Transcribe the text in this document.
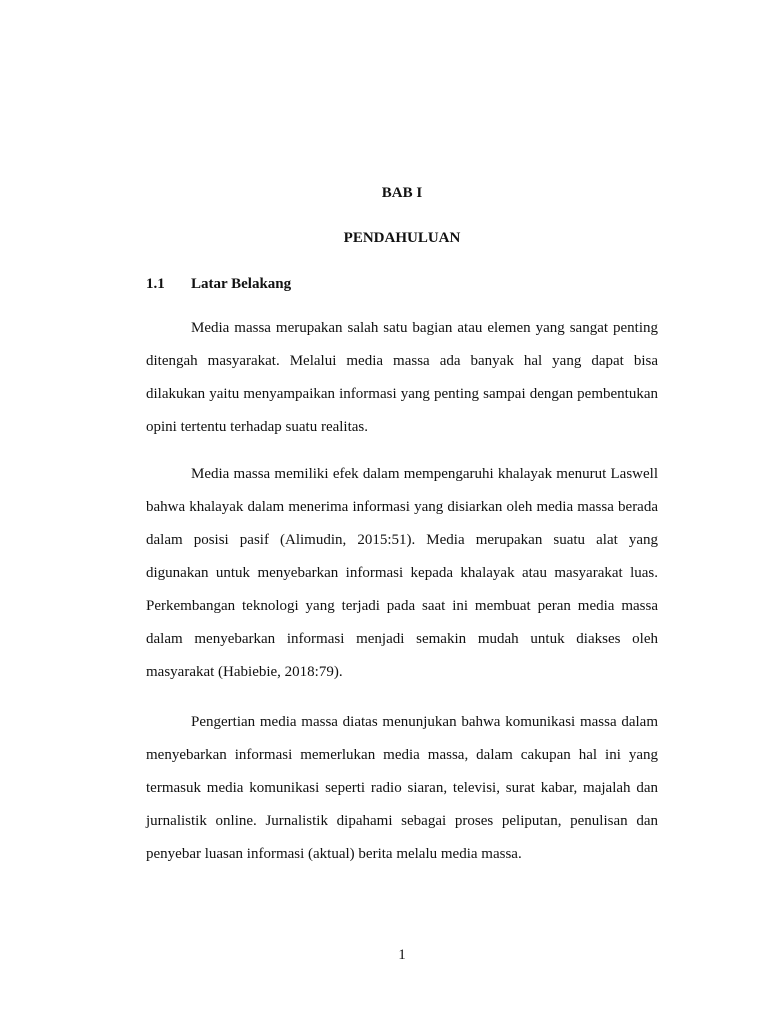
BAB I
PENDAHULUAN
1.1 Latar Belakang

Media massa merupakan salah satu bagian atau elemen yang sangat penting ditengah masyarakat. Melalui media massa ada banyak hal yang dapat bisa dilakukan yaitu menyampaikan informasi yang penting sampai dengan pembentukan opini tertentu terhadap suatu realitas.

Media massa memiliki efek dalam mempengaruhi khalayak menurut Laswell bahwa khalayak dalam menerima informasi yang disiarkan oleh media massa berada dalam posisi pasif (Alimudin, 2015:51). Media merupakan suatu alat yang digunakan untuk menyebarkan informasi kepada khalayak atau masyarakat luas. Perkembangan teknologi yang terjadi pada saat ini membuat peran media massa dalam menyebarkan informasi menjadi semakin mudah untuk diakses oleh masyarakat (Habiebie, 2018:79).

Pengertian media massa diatas menunjukan bahwa komunikasi massa dalam menyebarkan informasi memerlukan media massa, dalam cakupan hal ini yang termasuk media komunikasi seperti radio siaran, televisi, surat kabar, majalah dan jurnalistik online. Jurnalistik dipahami sebagai proses peliputan, penulisan dan penyebar luasan informasi (aktual) berita melalu media massa.

1
